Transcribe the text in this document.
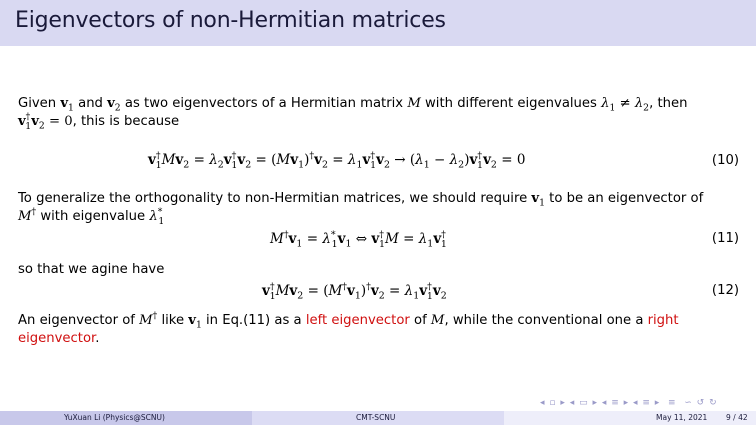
Eigenvectors of non-Hermitian matrices
Given $v_1$ and $v_2$ as two eigenvectors of a Hermitian matrix M with different eigenvalues $\lambda_1 \ne \lambda_2$, then
$v^\dagger_1v_2 = 0$, this is because
$v^\dagger_1Mv_2 = \lambda_2v^\dagger_1v_2 = (Mv_1)^\dagger v_2 = \lambda_1v^\dagger_1v_2 \to (\lambda_1 - \lambda_2)v^\dagger_1v_2 = 0$	(10)
To generalize the orthogonality to non-Hermitian matrices, we should require $v_1$ to be an eigenvector of
M† with eigenvalue $\lambda^*_1$
$M^\dagger v_1 = \lambda^*_1v_1$ ⇔ $v^\dagger_1M = \lambda_1v^\dagger_1$	(11)
so that we agine have
$v^\dagger_1Mv_2 = (M^\dagger v_1)^\dagger v_2 = \lambda_1v^\dagger_1v_2$	(12)
An eigenvector of M† like $v_1$ in Eq.(11) as a left eigenvector of M, while the conventional one a right
eigenvector.
◂ ▫ ▸ ◂ ▭ ▸ ◂ ≡ ▸ ◂ ≡ ▸  ≡  ∽ ↺ ↻
YuXuan Li (Physics@SCNU)	CMT-SCNU	May 11, 2021 9 / 42
